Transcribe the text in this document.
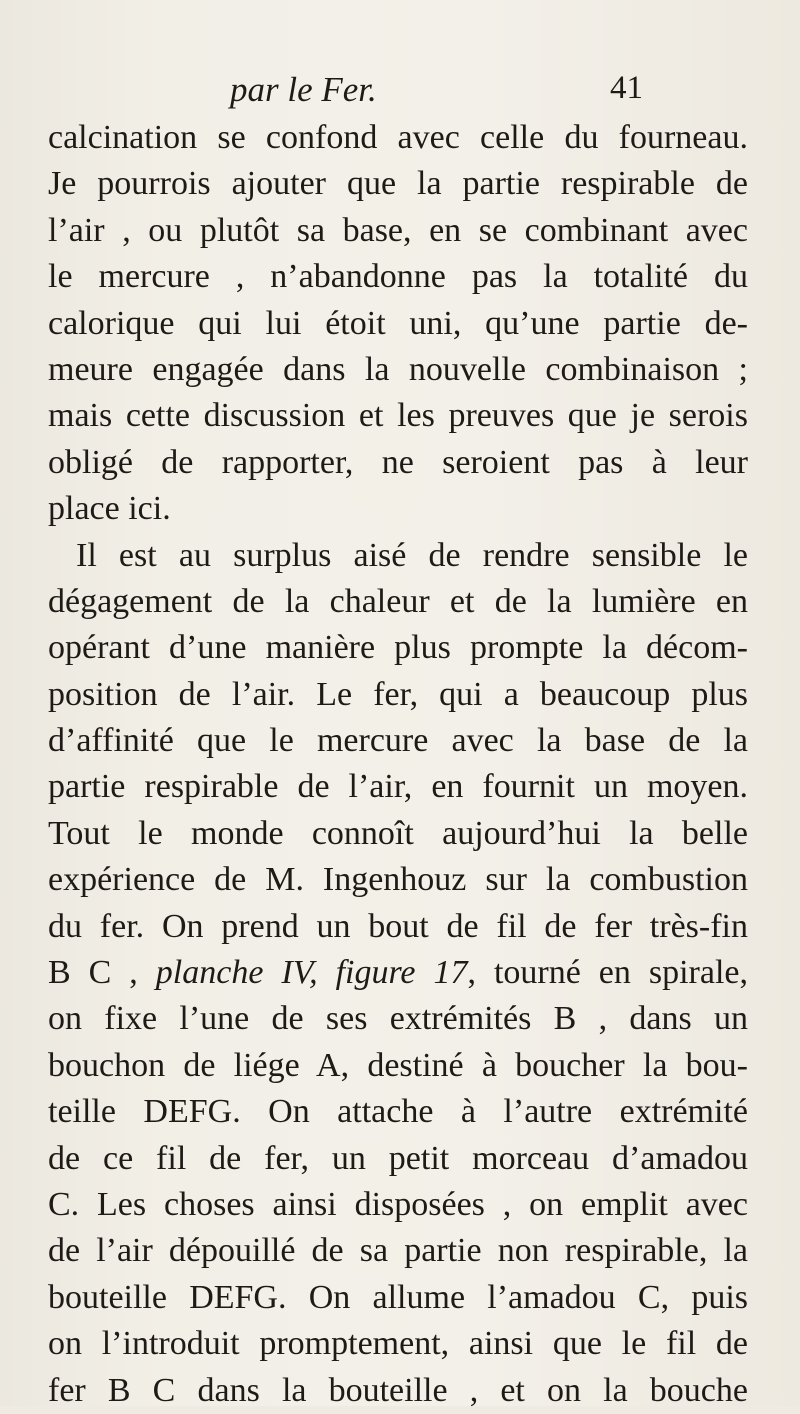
par le Fer.	41
calcination se confond avec celle du fourneau.
Je pourrois ajouter que la partie respirable de
l’air , ou plutôt sa base, en se combinant avec
le mercure , n’abandonne pas la totalité du
calorique qui lui étoit uni, qu’une partie de-
meure engagée dans la nouvelle combinaison ;
mais cette discussion et les preuves que je serois
obligé de rapporter, ne seroient pas à leur
place ici.
Il est au surplus aisé de rendre sensible le
dégagement de la chaleur et de la lumière en
opérant d’une manière plus prompte la décom-
position de l’air. Le fer, qui a beaucoup plus
d’affinité que le mercure avec la base de la
partie respirable de l’air, en fournit un moyen.
Tout le monde connoît aujourd’hui la belle
expérience de M. Ingenhouz sur la combustion
du fer. On prend un bout de fil de fer très-fin
B C , planche IV, figure 17, tourné en spirale,
on fixe l’une de ses extrémités B , dans un
bouchon de liége A, destiné à boucher la bou-
teille DEFG. On attache à l’autre extrémité
de ce fil de fer, un petit morceau d’amadou
C. Les choses ainsi disposées , on emplit avec
de l’air dépouillé de sa partie non respirable, la
bouteille DEFG. On allume l’amadou C, puis
on l’introduit promptement, ainsi que le fil de
fer B C dans la bouteille , et on la bouche
